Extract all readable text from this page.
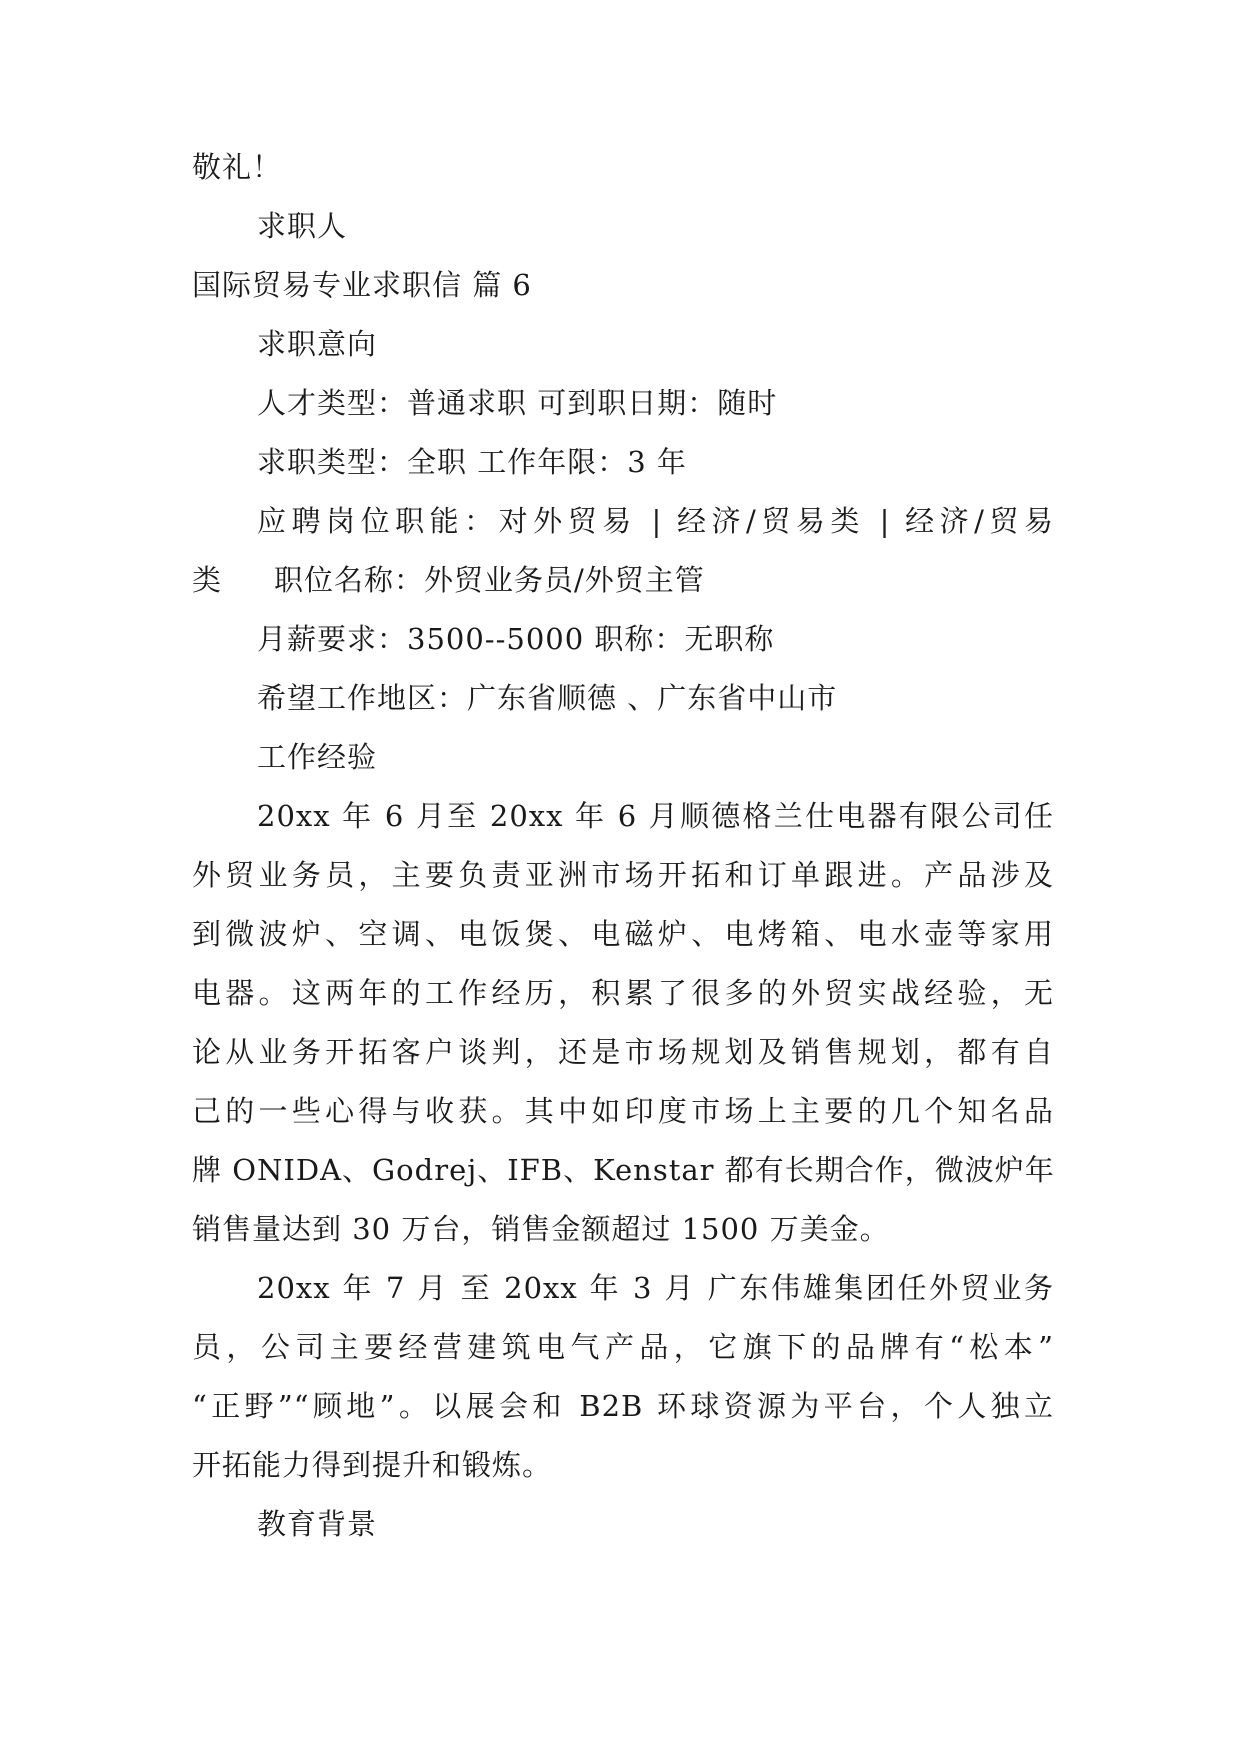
敬礼！
求职人
国际贸易专业求职信 篇 6
求职意向
人才类型：普通求职 可到职日期：随时
求职类型：全职 工作年限：3 年
应聘岗位职能：对外贸易 | 经济/贸易类 | 经济/贸易
类 职位名称：外贸业务员/外贸主管
月薪要求：3500--5000 职称：无职称
希望工作地区：广东省顺德 、广东省中山市
工作经验
20xx 年 6 月至 20xx 年 6 月顺德格兰仕电器有限公司任
外贸业务员，主要负责亚洲市场开拓和订单跟进。产品涉及
到微波炉、空调、电饭煲、电磁炉、电烤箱、电水壶等家用
电器。这两年的工作经历，积累了很多的外贸实战经验，无
论从业务开拓客户谈判，还是市场规划及销售规划，都有自
己的一些心得与收获。其中如印度市场上主要的几个知名品
牌 ONIDA、Godrej、IFB、Kenstar 都有长期合作，微波炉年
销售量达到 30 万台，销售金额超过 1500 万美金。
20xx 年 7 月 至 20xx 年 3 月 广东伟雄集团任外贸业务
员，公司主要经营建筑电气产品，它旗下的品牌有“松本”
“正野”“顾地”。以展会和 B2B 环球资源为平台，个人独立
开拓能力得到提升和锻炼。
教育背景
